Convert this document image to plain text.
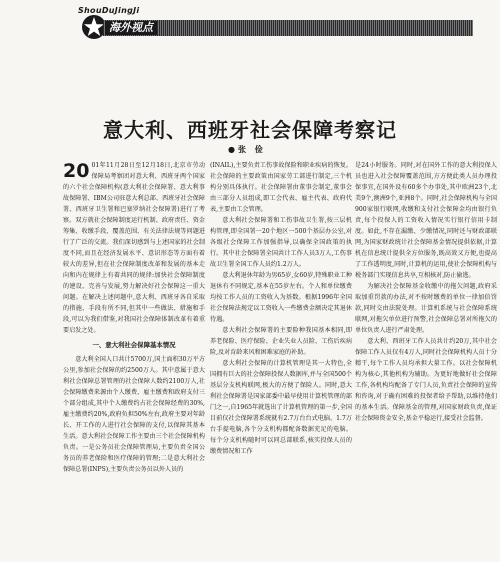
ShouDuJingJi
海外视点
意大利、西班牙社会保障考察记
●张 俭

20 01年11月28日至12月18日,北京市劳动保障局考察团对意大利、西班牙两个国家的六个社会保障机构(意大利社会保障署、意大利事故保障署、IBM公司驻意大利总部、西班牙社会保障署、西班牙卫生署和巴塞罗纳社会保障署)进行了考察。双方就社会保障制度运行机制、政府责任、资金筹集、收缴手段、覆盖范围、有关法律法规等问题进行了广泛的交流。我们深切感到与上述国家的社会制度不同,而且在经济发展水平、意识形态等方面有着较大的差异,但在社会保障制度改革和发展的基本走向和内在规律上有着共同的规律:加快社会保障制度的建设、完善与发展,努力解决好社会保障这一重大问题。在解决上述问题中,意大利、西班牙各自采取的措施、手段有所不同,但其中一些做法、措施和手段,可以为我们借鉴,对我国社会保障体制改革有着重要启发之处。

一、意大利社会保障基本情况

意大利全国人口共计5700万,国土面积30万平方公里,参加社会保障的约2500万人。其中意属于意大利社会保障总署管理的社会保障人数约2100万人,社会保障缴费来源由个人缴费、雇主缴费和政府支付三个部分组成,其中个人缴费约占社会保障经费的30%,雇主缴费约20%,政府负担50%左右,政府主要对年龄长、开工作的人进行社会保障的支付,以保障其基本生活。意大利社会保障工作主要由三个社会保障机构负责。一是公务员社会保障管理局,主要负责全国公务员的养老保险和医疗保障的管理;二是意大利社会保障总署(INPS),主要负责公务员以外人员的

(INAIL),主要负责工伤事故保险和职业疾病的恢复。社会保障的主要政策由国家劳工部进行制定,三个机构分别具体执行。社会保障署由董事会制定,董事会由三部分人员组成,即工会代表、雇主代表、政府代表,主要由工会管理。

意大利社会保障署和工伤事故卫生署,按三层机构管理,即全国署一20个地区一500个基层办公室,对各级社会保障工作加强指导,以确保全国政策的执行。其中社会保障署全国共计工作人员3万人,工伤事故卫生署全国工作人员约1.2万人。

意大利退休年龄为男65岁,女60岁,特殊职业工种退休有不同规定,基本在55岁左右。个人和单位缴费均按工作人员的工资收入为基数。根据1996年全国社会保障法规定以工资收入一些缴费金额决定其退休待遇。

意大利社会保障署的主要险种我国基本相同,即养老保险、医疗保险、企业失业人员险、工伤后疾病险,及对育龄来风和困难家庭的补助。

意大利社会保障的计算机管理是其一大特色,全国拥有巨大的社会保障投保人数据库,并与全国500个基层分支机构联网,极大的方便了保险人。同时,意大利社会保障署是国家部委中最早使用计算机管理的部门之一,自1965年就选出了计算机管理的第一步,全国目前仅社会保障署系统就有2.7万台台式电脑、1.7万台手提电脑,各个分支机构都配备数据充足的电脑。每个分支机构随时可以同总部联系,核实投保人员的缴费情况和工作

是24小时服务。同时,对在国外工作的意大利投保人员也进入社会保障覆盖范围,方方便此类人员办理投保事宜,在国外设有60多个办事处,其中欧洲23个,北美9个,澳洲9个,亚洲8个。同时,社会保障机构与全国900家银行联网,收缴和支付社会保障金均由银行负责,每个投保人的工资收入情况实行银行信用卡制度。如此,不存在漏缴、少缴情况,同时还与财政部联网,为国家财政统计社会保障基金情况提供依据,计算机在信息统计提供全方位服务,既高效又方便,也提高了工作透明度,同时,计算机的运用,使社会保障机构与税务部门实现信息共享,互相核对,防止偷逃。

为解决社会保障基金收缴中的拖欠问题,政府采取加重罚款的办法,对不按时缴费的单位一律加倍罚款,同时交由法院处理。计算机系统与社会保障系统联网,对拖欠单位进行预警,社会保障总署对所拖欠的单位负责人进行严肃处理。

意大利、西班牙工作人员共计约20万,其中社会保障工作人员仅有4万人,同时社会保障机构人员十分精干,每个工作人员均承担大量工作。以社会保障机构为核心,其他机构为辅助。为更好地做好社会保障工作,各机构均配备了专门人员,负责社会保障的宣传和咨询,对于确有困难的投保者给予帮助,以维持他们的基本生活。保障基金的管理,对国家财政负责,保证社会保障资金安全,基金平稳运行,接受社会监督。
